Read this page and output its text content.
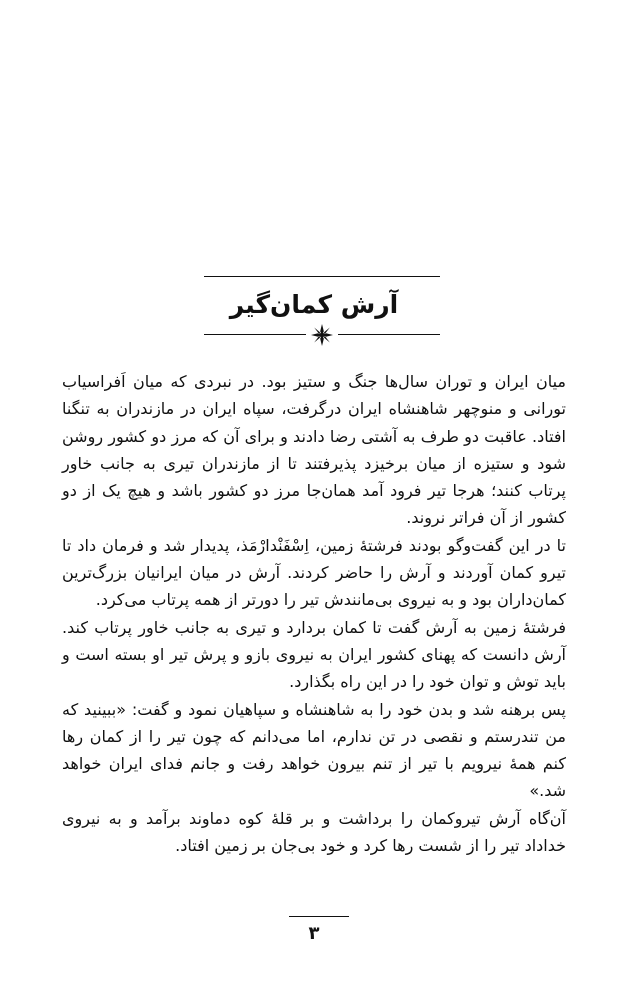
آرش کمان‌گیر

میان ایران و توران سال‌ها جنگ و ستیز بود. در نبردی که میان اَفراسیاب تورانی و منوچهر شاهنشاه ایران درگرفت، سپاه ایران در مازندران به تنگنا افتاد. عاقبت دو طرف به آشتی رضا دادند و برای آن که مرز دو کشور روشن شود و ستیزه از میان برخیزد پذیرفتند تا از مازندران تیری به جانب خاور پرتاب کنند؛ هرجا تیر فرود آمد همان‌جا مرز دو کشور باشد و هیچ یک از دو کشور از آن فراتر نروند.

تا در این گفت‌وگو بودند فرشتهٔ زمین، اِسْفَنْدارْمَذ، پدیدار شد و فرمان داد تا تیرو کمان آوردند و آرش را حاضر کردند. آرش در میان ایرانیان بزرگ‌ترین کمان‌داران بود و به نیروی بی‌مانندش تیر را دورتر از همه پرتاب می‌کرد.

فرشتهٔ زمین به آرش گفت تا کمان بردارد و تیری به جانب خاور پرتاب کند. آرش دانست که پهنای کشور ایران به نیروی بازو و پرش تیر او بسته است و باید توش و توان خود را در این راه بگذارد.

پس برهنه شد و بدن خود را به شاهنشاه و سپاهیان نمود و گفت: «ببینید که من تندرستم و نقصی در تن ندارم، اما می‌دانم که چون تیر را از کمان رها کنم همهٔ نیرویم با تیر از تنم بیرون خواهد رفت و جانم فدای ایران خواهد شد.»

آن‌گاه آرش تیروکمان را برداشت و بر قلهٔ کوه دماوند برآمد و به نیروی خداداد تیر را از شست رها کرد و خود بی‌جان بر زمین افتاد.

۳
